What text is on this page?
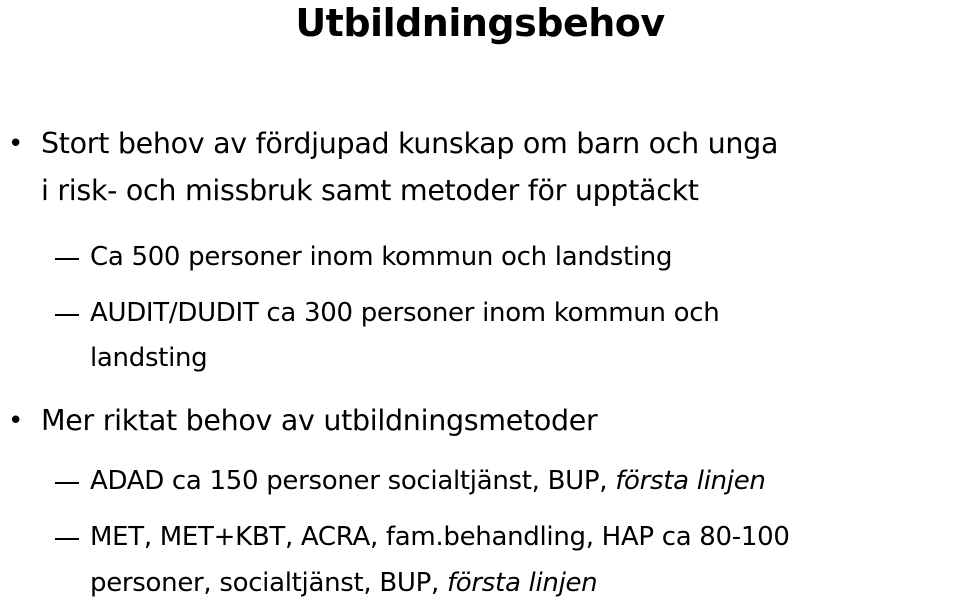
Utbildningsbehov
• Stort behov av fördjupad kunskap om barn och unga
i risk- och missbruk samt metoder för upptäckt
Ca 500 personer inom kommun och landsting
AUDIT/DUDIT ca 300 personer inom kommun och
landsting
• Mer riktat behov av utbildningsmetoder
ADAD ca 150 personer socialtjänst, BUP, första linjen
MET, MET+KBT, ACRA, fam.behandling, HAP ca 80-100
personer, socialtjänst, BUP, första linjen
